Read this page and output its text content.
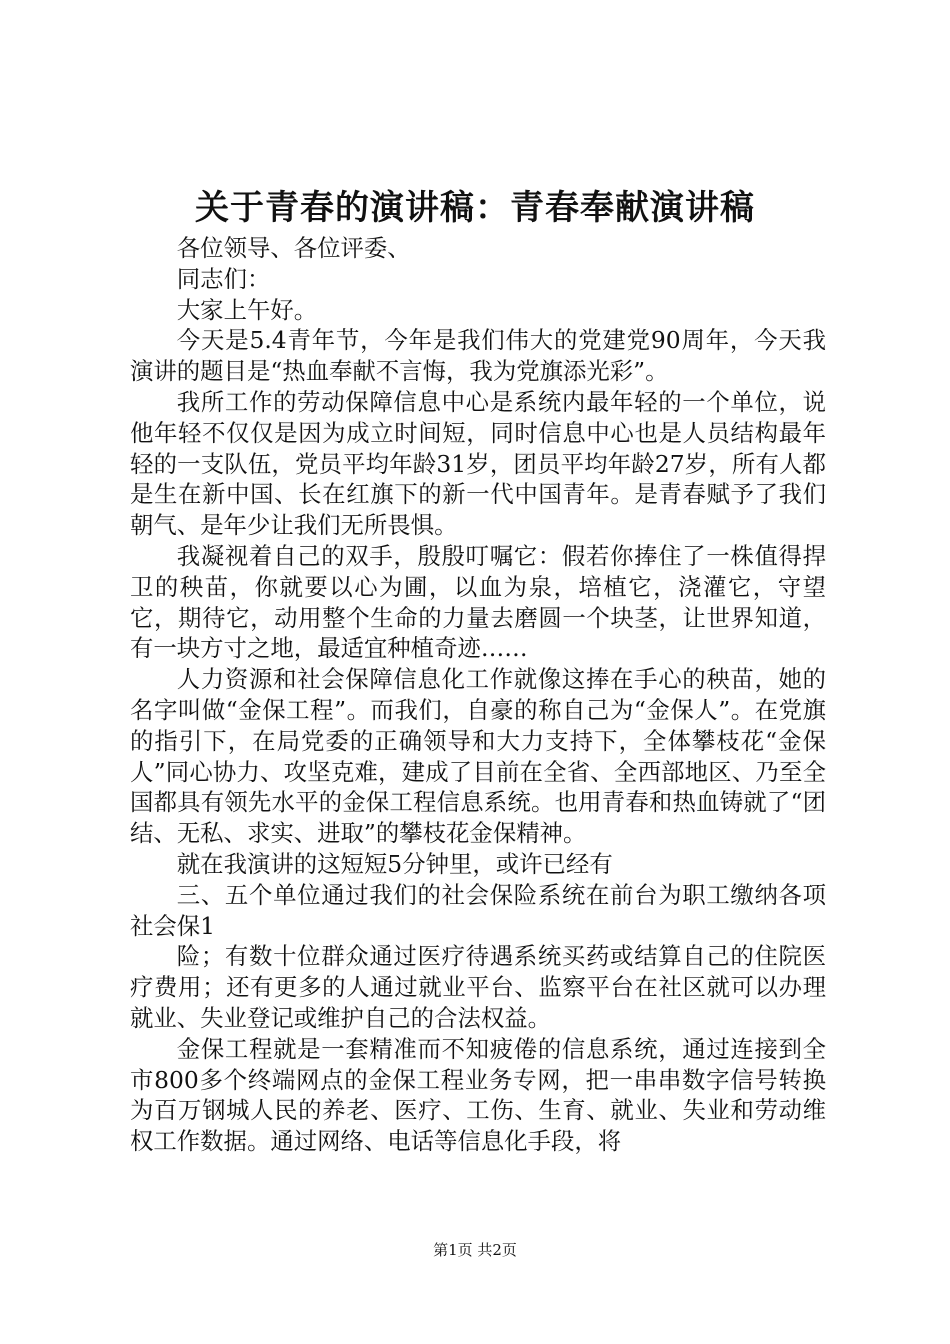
关于青春的演讲稿：青春奉献演讲稿

各位领导、各位评委、

同志们：

大家上午好。

今天是5.4青年节，今年是我们伟大的党建党90周年，今天我演讲的题目是“热血奉献不言悔，我为党旗添光彩”。

我所工作的劳动保障信息中心是系统内最年轻的一个单位，说他年轻不仅仅是因为成立时间短，同时信息中心也是人员结构最年轻的一支队伍，党员平均年龄31岁，团员平均年龄27岁，所有人都是生在新中国、长在红旗下的新一代中国青年。是青春赋予了我们朝气、是年少让我们无所畏惧。

我凝视着自己的双手，殷殷叮嘱它：假若你捧住了一株值得捍卫的秧苗，你就要以心为圃，以血为泉，培植它，浇灌它，守望它，期待它，动用整个生命的力量去磨圆一个块茎，让世界知道，有一块方寸之地，最适宜种植奇迹……

人力资源和社会保障信息化工作就像这捧在手心的秧苗，她的名字叫做“金保工程”。而我们，自豪的称自己为“金保人”。在党旗的指引下，在局党委的正确领导和大力支持下，全体攀枝花“金保人”同心协力、攻坚克难，建成了目前在全省、全西部地区、乃至全国都具有领先水平的金保工程信息系统。也用青春和热血铸就了“团结、无私、求实、进取”的攀枝花金保精神。

就在我演讲的这短短5分钟里，或许已经有

三、五个单位通过我们的社会保险系统在前台为职工缴纳各项社会保1

险；有数十位群众通过医疗待遇系统买药或结算自己的住院医疗费用；还有更多的人通过就业平台、监察平台在社区就可以办理就业、失业登记或维护自己的合法权益。

金保工程就是一套精准而不知疲倦的信息系统，通过连接到全市800多个终端网点的金保工程业务专网，把一串串数字信号转换为百万钢城人民的养老、医疗、工伤、生育、就业、失业和劳动维权工作数据。通过网络、电话等信息化手段，将

第1页 共2页
